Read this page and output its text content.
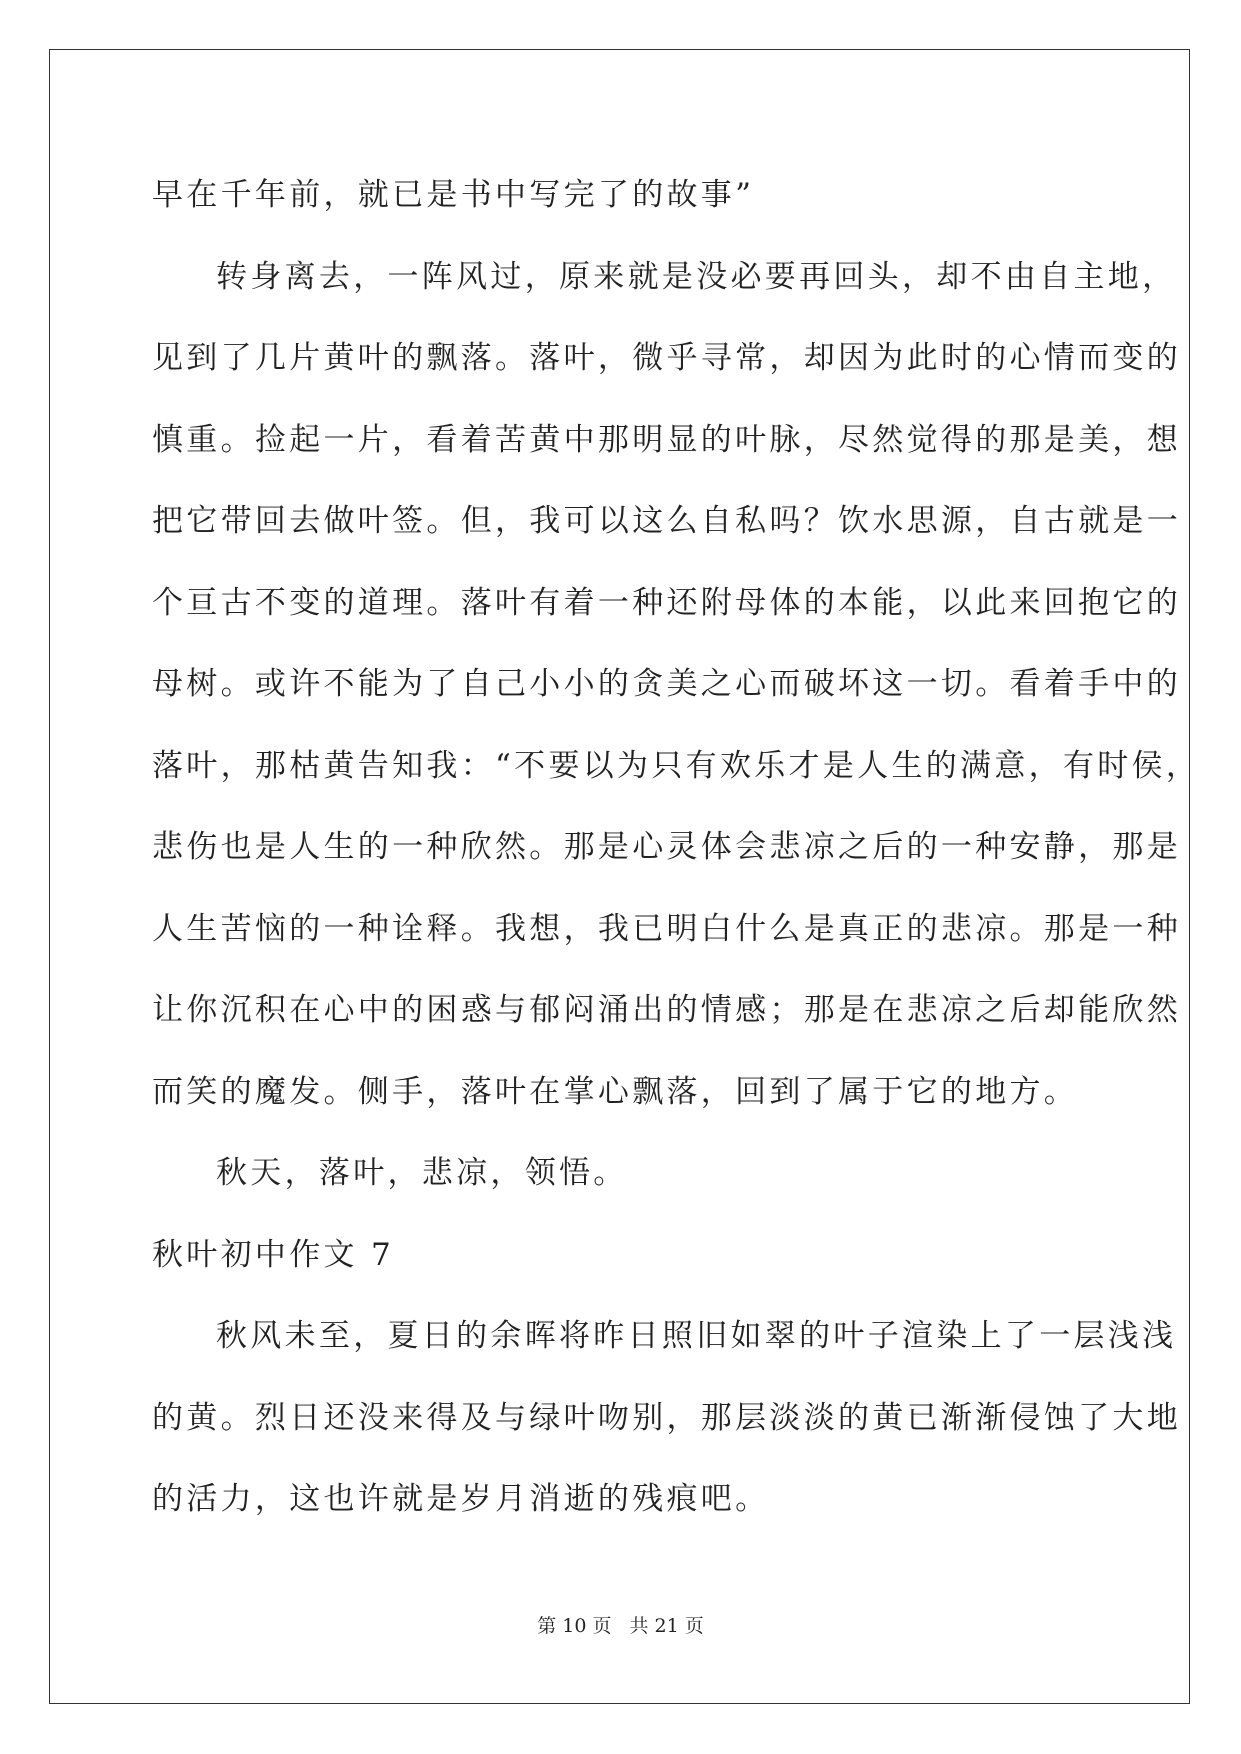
早在千年前，就已是书中写完了的故事”
转身离去，一阵风过，原来就是没必要再回头，却不由自主地，
见到了几片黄叶的飘落。落叶，微乎寻常，却因为此时的心情而变的
慎重。捡起一片，看着苦黄中那明显的叶脉，尽然觉得的那是美，想
把它带回去做叶签。但，我可以这么自私吗？饮水思源，自古就是一
个亘古不变的道理。落叶有着一种还附母体的本能，以此来回抱它的
母树。或许不能为了自己小小的贪美之心而破坏这一切。看着手中的
落叶，那枯黄告知我：“不要以为只有欢乐才是人生的满意，有时侯，
悲伤也是人生的一种欣然。那是心灵体会悲凉之后的一种安静，那是
人生苦恼的一种诠释。我想，我已明白什么是真正的悲凉。那是一种
让你沉积在心中的困惑与郁闷涌出的情感；那是在悲凉之后却能欣然
而笑的魔发。侧手，落叶在掌心飘落，回到了属于它的地方。
秋天，落叶，悲凉，领悟。
秋叶初中作文 7
秋风未至，夏日的余晖将昨日照旧如翠的叶子渲染上了一层浅浅
的黄。烈日还没来得及与绿叶吻别，那层淡淡的黄已渐渐侵蚀了大地
的活力，这也许就是岁月消逝的残痕吧。
第 10 页 共 21 页
